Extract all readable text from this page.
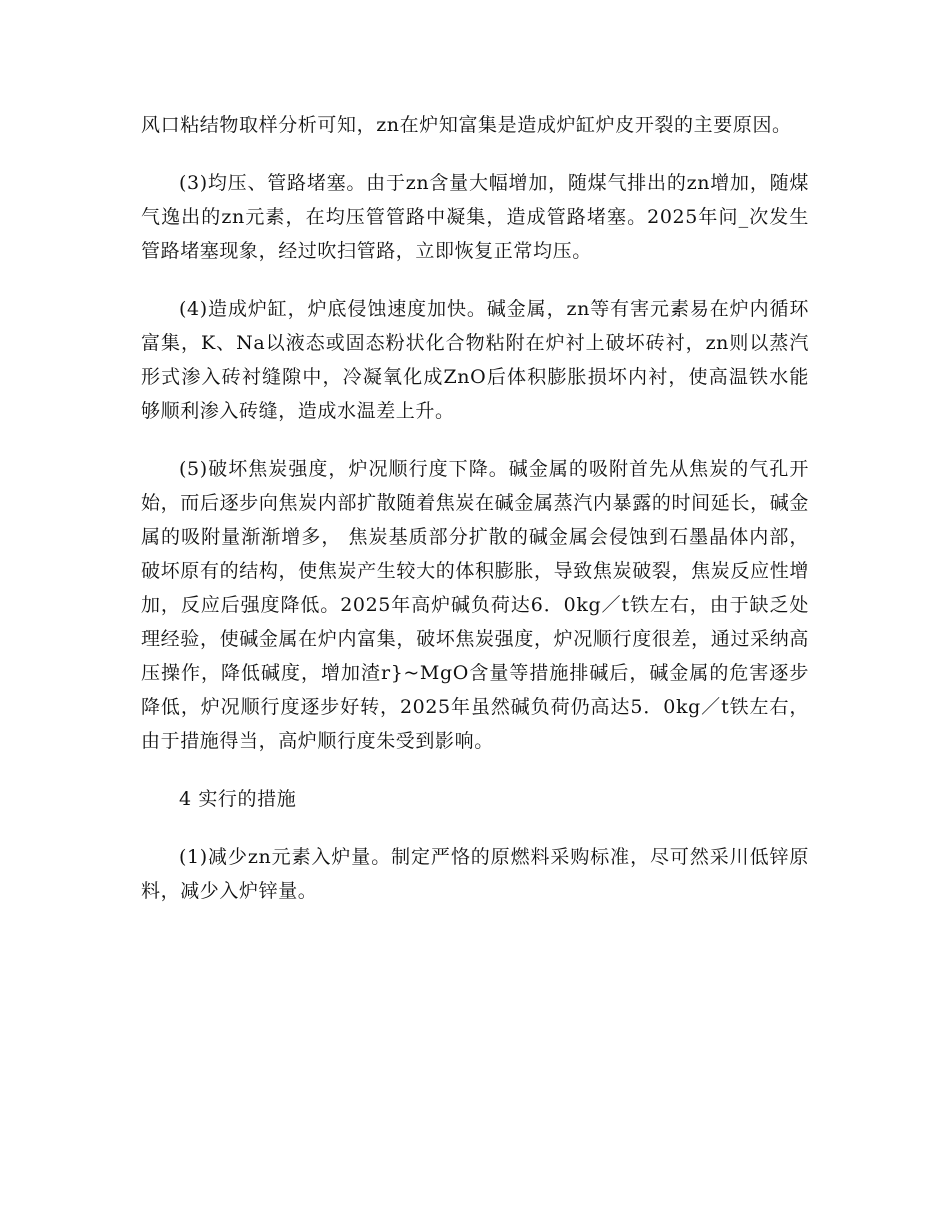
风口粘结物取样分析可知，zn在炉知富集是造成炉缸炉皮开裂的主要原因。

(3)均压、管路堵塞。由于zn含量大幅增加，随煤气排出的zn增加，随煤气逸出的zn元素，在均压管管路中凝集，造成管路堵塞。2025年问_次发生管路堵塞现象，经过吹扫管路，立即恢复正常均压。

(4)造成炉缸，炉底侵蚀速度加快。碱金属，zn等有害元素易在炉内循环富集，K、Na以液态或固态粉状化合物粘附在炉衬上破坏砖衬，zn则以蒸汽形式渗入砖衬缝隙中，冷凝氧化成ZnO后体积膨胀损坏内衬，使高温铁水能够顺利渗入砖缝，造成水温差上升。

(5)破坏焦炭强度，炉况顺行度下降。碱金属的吸附首先从焦炭的气孔开始，而后逐步向焦炭内部扩散随着焦炭在碱金属蒸汽内暴露的时间延长，碱金属的吸附量渐渐增多， 焦炭基质部分扩散的碱金属会侵蚀到石墨晶体内部，破坏原有的结构，使焦炭产生较大的体积膨胀，导致焦炭破裂，焦炭反应性增加，反应后强度降低。2025年高炉碱负荷达6．0kg／t铁左右，由于缺乏处理经验，使碱金属在炉内富集，破坏焦炭强度，炉况顺行度很差，通过采纳高压操作，降低碱度，增加渣r}~MgO含量等措施排碱后，碱金属的危害逐步降低，炉况顺行度逐步好转，2025年虽然碱负荷仍高达5．0kg／t铁左右，由于措施得当，高炉顺行度朱受到影响。

4 实行的措施

(1)减少zn元素入炉量。制定严恪的原燃料采购标准，尽可然采川低锌原料，减少入炉锌量。
